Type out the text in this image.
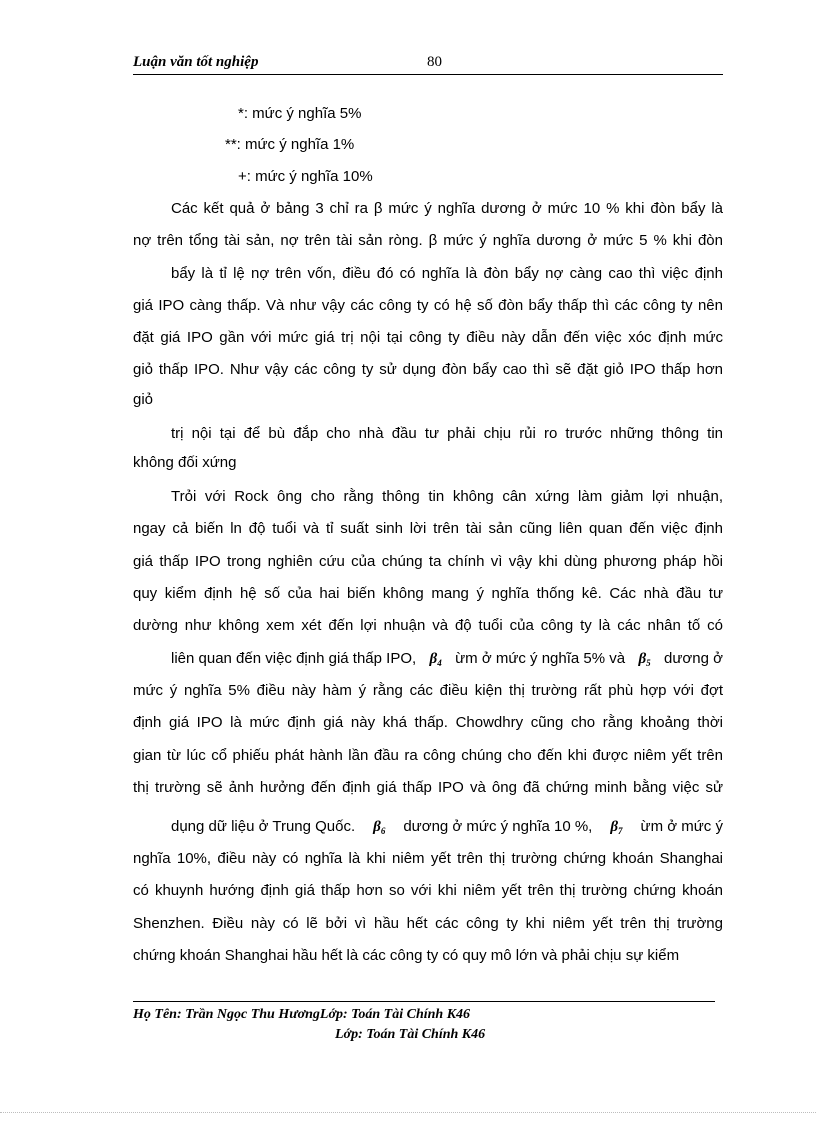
Luận văn tốt nghiệp	80
*: mức ý nghĩa 5%
**: mức ý nghĩa 1%
+: mức ý nghĩa 10%
Các kết quả ở bảng 3 chỉ ra β mức ý nghĩa dương ở mức 10 % khi đòn bẩy là
nợ trên tổng tài sản, nợ trên tài sản ròng. β mức ý nghĩa dương ở mức 5 % khi đòn
bẩy là tỉ lệ nợ trên vốn, điều đó có nghĩa là đòn bẩy nợ càng cao thì việc định
giá IPO càng thấp. Và như vậy các công ty có hệ số đòn bẩy thấp thì các công ty nên
đặt giá IPO gần với mức giá trị nội tại công ty điều này dẫn đến việc xóc định mức
giỏ thấp IPO. Như vậy các công ty sử dụng đòn bẩy cao thì sẽ đặt giỏ IPO thấp hơn
giỏ
trị nội tại để bù đắp cho nhà đầu tư phải chịu rủi ro trước những thông tin
không đối xứng
Trỏi với Rock ông cho rằng thông tin không cân xứng làm giảm lợi nhuận,
ngay cả biến ln độ tuổi và tỉ suất sinh lời trên tài sản cũng liên quan đến việc định
giá thấp IPO trong nghiên cứu của chúng ta chính vì vậy khi dùng phương pháp hồi
quy kiểm định hệ số của hai biến không mang ý nghĩa thống kê. Các nhà đầu tư
dường như không xem xét đến lợi nhuận và độ tuổi của công ty là các nhân tố có
liên quan đến việc định giá thấp IPO, $\beta_4$ ừm ở mức ý nghĩa 5% và $\beta_5$ dương ở
mức ý nghĩa 5% điều này hàm ý rằng các điều kiện thị trường rất phù hợp với đợt
định giá IPO là mức định giá này khá thấp. Chowdhry cũng cho rằng khoảng thời
gian từ lúc cổ phiếu phát hành lần đầu ra công chúng cho đến khi được niêm yết trên
thị trường sẽ ảnh hưởng đến định giá thấp IPO và ông đã chứng minh bằng việc sử
dụng dữ liệu ở Trung Quốc. $\beta_6$ dương ở mức ý nghĩa 10 %, $\beta_7$ ừm ở mức ý
nghĩa 10%, điều này có nghĩa là khi niêm yết trên thị trường chứng khoán Shanghai
có khuynh hướng định giá thấp hơn so với khi niêm yết trên thị trường chứng khoán
Shenzhen. Điều này có lẽ bởi vì hầu hết các công ty khi niêm yết trên thị trường
chứng khoán Shanghai hầu hết là các công ty có quy mô lớn và phải chịu sự kiểm
Họ Tên: Trần Ngọc Thu HươngLớp: Toán Tài Chính K46
Lớp: Toán Tài Chính K46
